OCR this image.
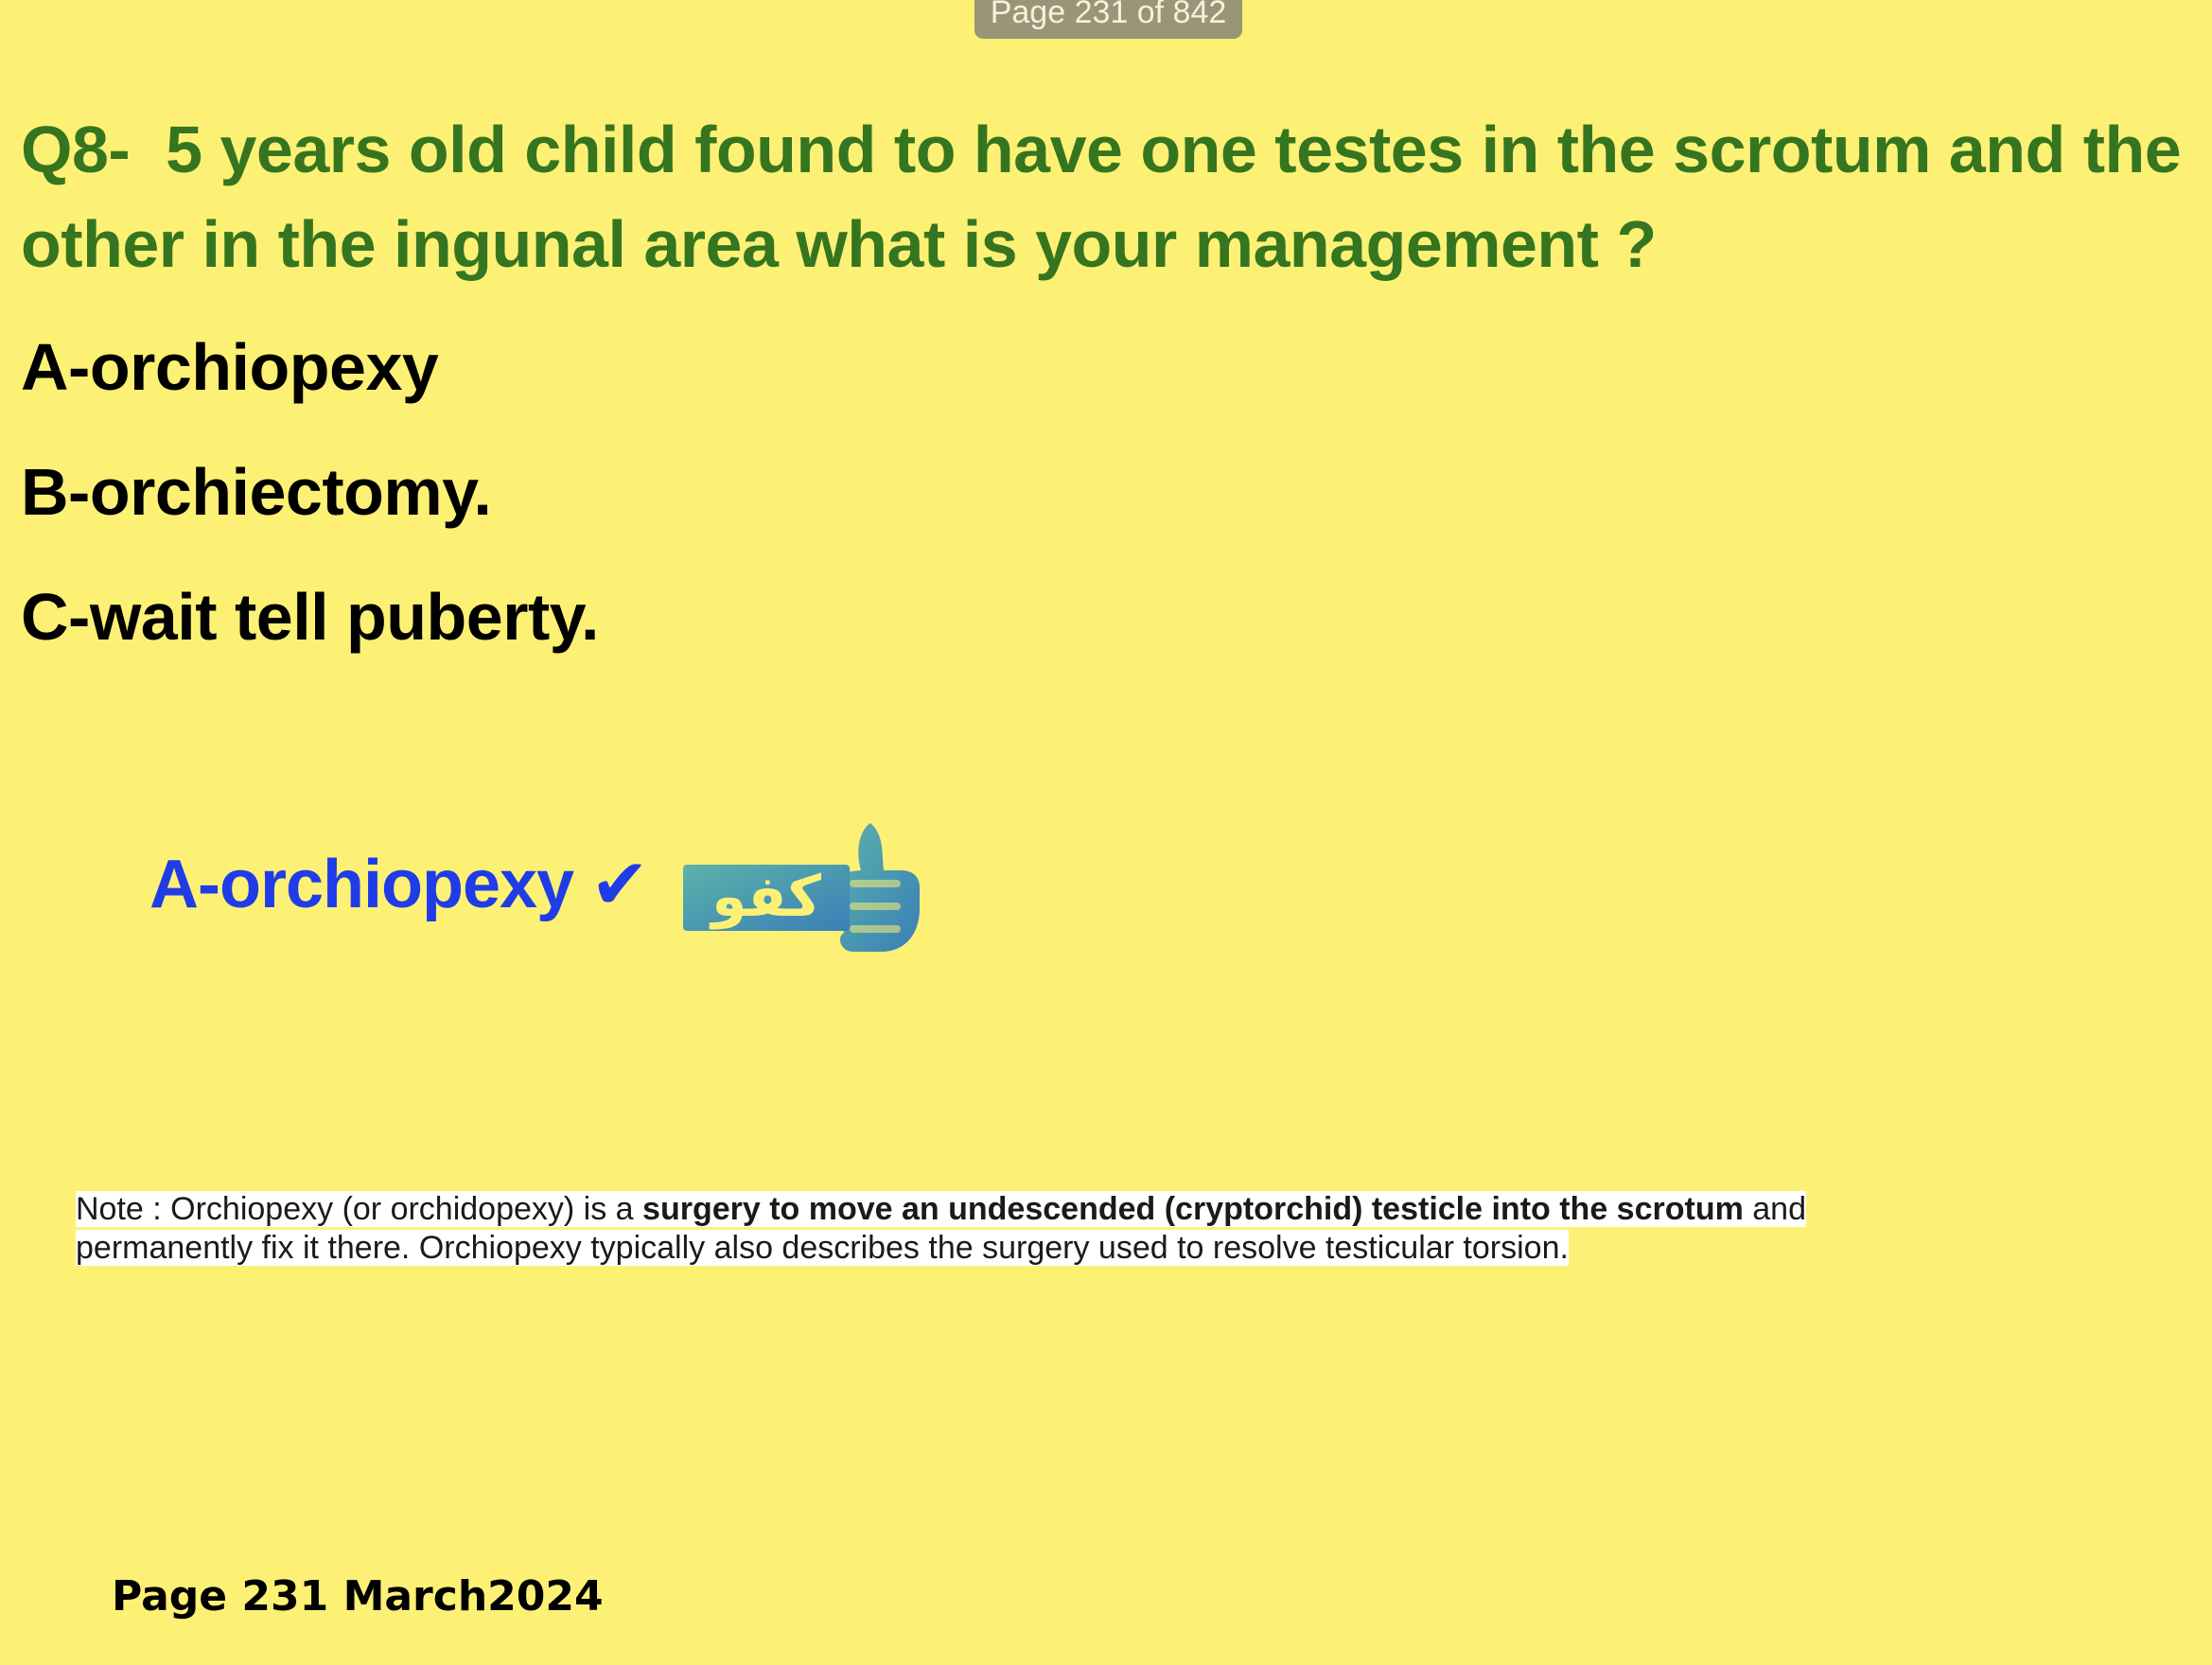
Page 231 of 842

Q8-  5 years old child found to have one testes in the scrotum and the other in the ingunal area what is your management ?

A-orchiopexy

B-orchiectomy.

C-wait tell puberty.

A-orchiopexy ✔ كفو

Note : Orchiopexy (or orchidopexy) is a surgery to move an undescended (cryptorchid) testicle into the scrotum and permanently fix it there. Orchiopexy typically also describes the surgery used to resolve testicular torsion.

Page 231 March2024
